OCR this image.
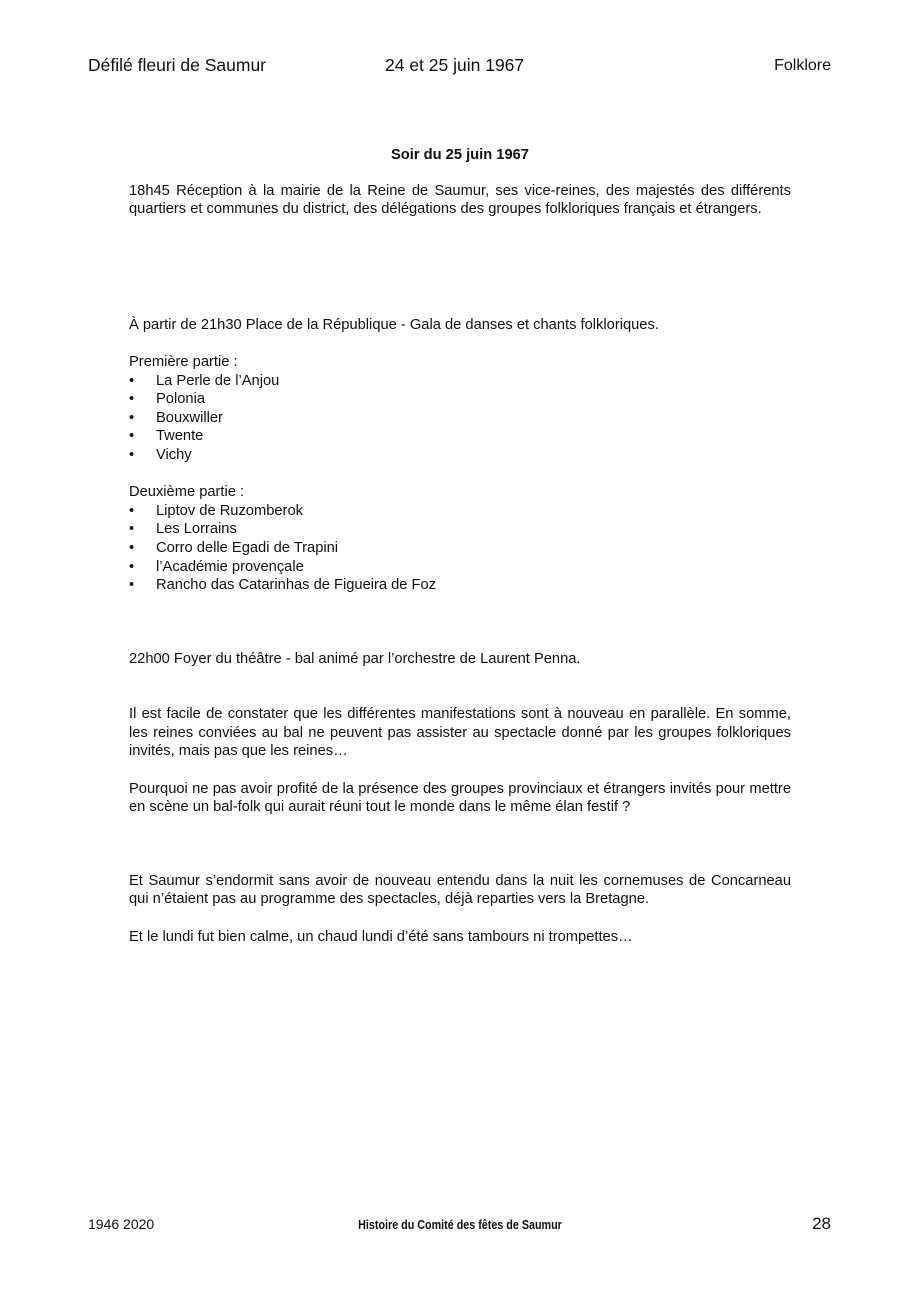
Défilé fleuri de Saumur	24 et 25 juin 1967	Folklore

Soir du 25 juin 1967

18h45 Réception à la mairie de la Reine de Saumur, ses vice-reines, des majestés des différents quartiers et communes du district, des délégations des groupes folkloriques français et étrangers.

À partir de 21h30 Place de la République - Gala de danses et chants folkloriques.

Première partie :

• La Perle de l’Anjou
• Polonia
• Bouxwiller
• Twente
• Vichy

Deuxième partie :

• Liptov de Ruzomberok
• Les Lorrains
• Corro delle Egadi de Trapini
• l’Académie provençale
• Rancho das Catarinhas de Figueira de Foz

22h00 Foyer du théâtre - bal animé par l’orchestre de Laurent Penna.

Il est facile de constater que les différentes manifestations sont à nouveau en parallèle. En somme, les reines conviées au bal ne peuvent pas assister au spectacle donné par les groupes folkloriques invités, mais pas que les reines…

Pourquoi ne pas avoir profité de la présence des groupes provinciaux et étrangers invités pour mettre en scène un bal-folk qui aurait réuni tout le monde dans le même élan festif ?

Et Saumur s’endormit sans avoir de nouveau entendu dans la nuit les cornemuses de Concarneau qui n’étaient pas au programme des spectacles, déjà reparties vers la Bretagne.

Et le lundi fut bien calme, un chaud lundi d’été sans tambours ni trompettes…

1946 2020	Histoire du Comité des fêtes de Saumur	28
